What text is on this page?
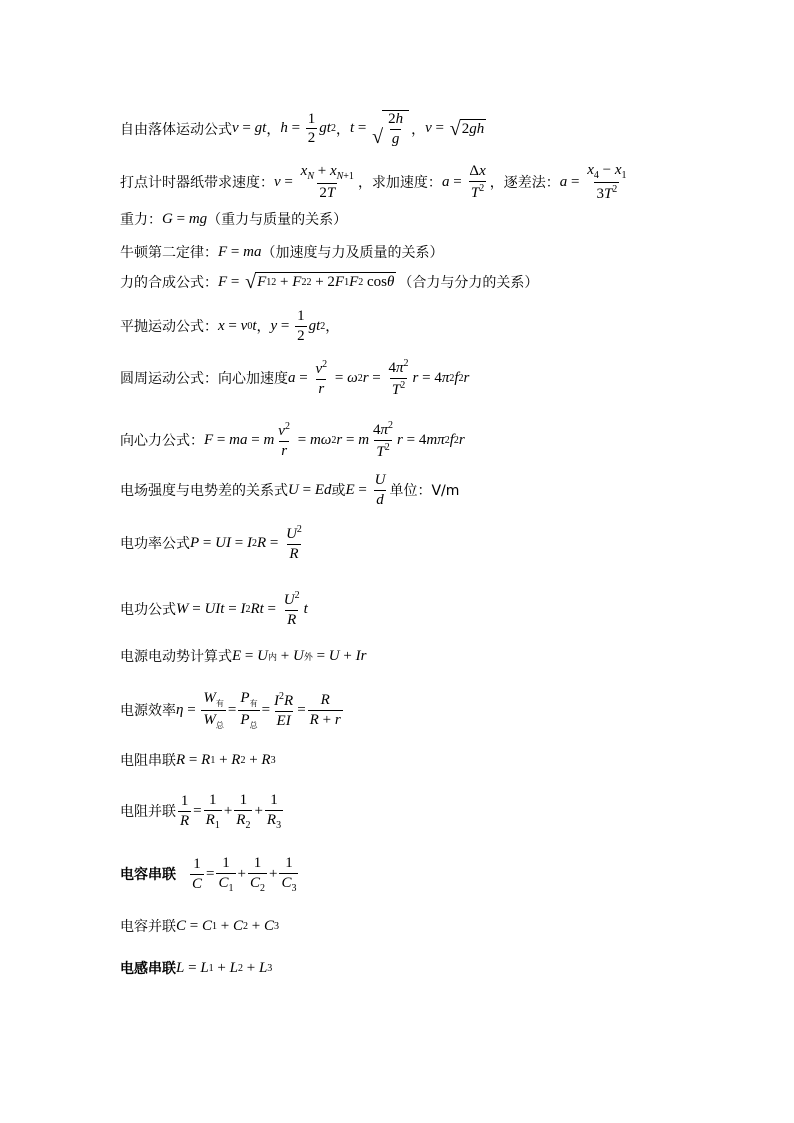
自由落体运动公式 v = gt ， $h = \frac{1}{2}$ gt 2 ， t = √
2h
g
， v = √ 2 gh
打点计时器纸带求速度： $v = \frac{x_N + x_{N+1}}{2T}$ ，求加速度： $a = \frac{\Delta x}{T^2}$ ，逐差法： $a = \frac{x_4 - x_1}{3T^2}$
重力： G = mg （重力与质量的关系）
牛顿第二定律： F = ma （加速度与力及质量的关系）
力的合成公式： F = √ F 1 2 + F 2 2 + 2 F 1 F 2 cos θ （合力与分力的关系）
平抛运动公式： x = v 0 t ， $y = \frac{1}{2}$ gt 2 ，
圆周运动公式：向心加速度 $a = \frac{v^2}{r} = \omega$ 2 $r = \frac{4\pi^2}{T^2}$ r = 4 π 2 f 2 r
向心力公式： F = ma = m $\frac{v^2}{r} = m\omega$ 2 r = m $\frac{4\pi^2}{T^2}$ r = 4 mπ 2 f 2 r
电场强度与电势差的关系式 U = Ed 或 $E = \frac{U}{d}$ 单位：V/m
电功率公式 P = UI = I 2 $R = \frac{U^2}{R}$
电功公式 W = UIt = I 2 $Rt = \frac{U^2}{R}$ t
电源电动势计算式 E = U 内 + U 外 = U + Ir
电源效率 η =
$W_有$
$W_总$
=
$P_有$
$P_总$
= $\frac{I^2R}{EI} = \frac{R}{R + r}$
电阻串联 R = R 1 + R 2 + R 3
电阻并联 $\frac{1}{R} = \frac{1}{R_1} + \frac{1}{R_2} + \frac{1}{R_3}$
电容串联 $\frac{1}{C} = \frac{1}{C_1} + \frac{1}{C_2} + \frac{1}{C_3}$
电容并联 C = C 1 + C 2 + C 3
电感串联 L = L 1 + L 2 + L 3
